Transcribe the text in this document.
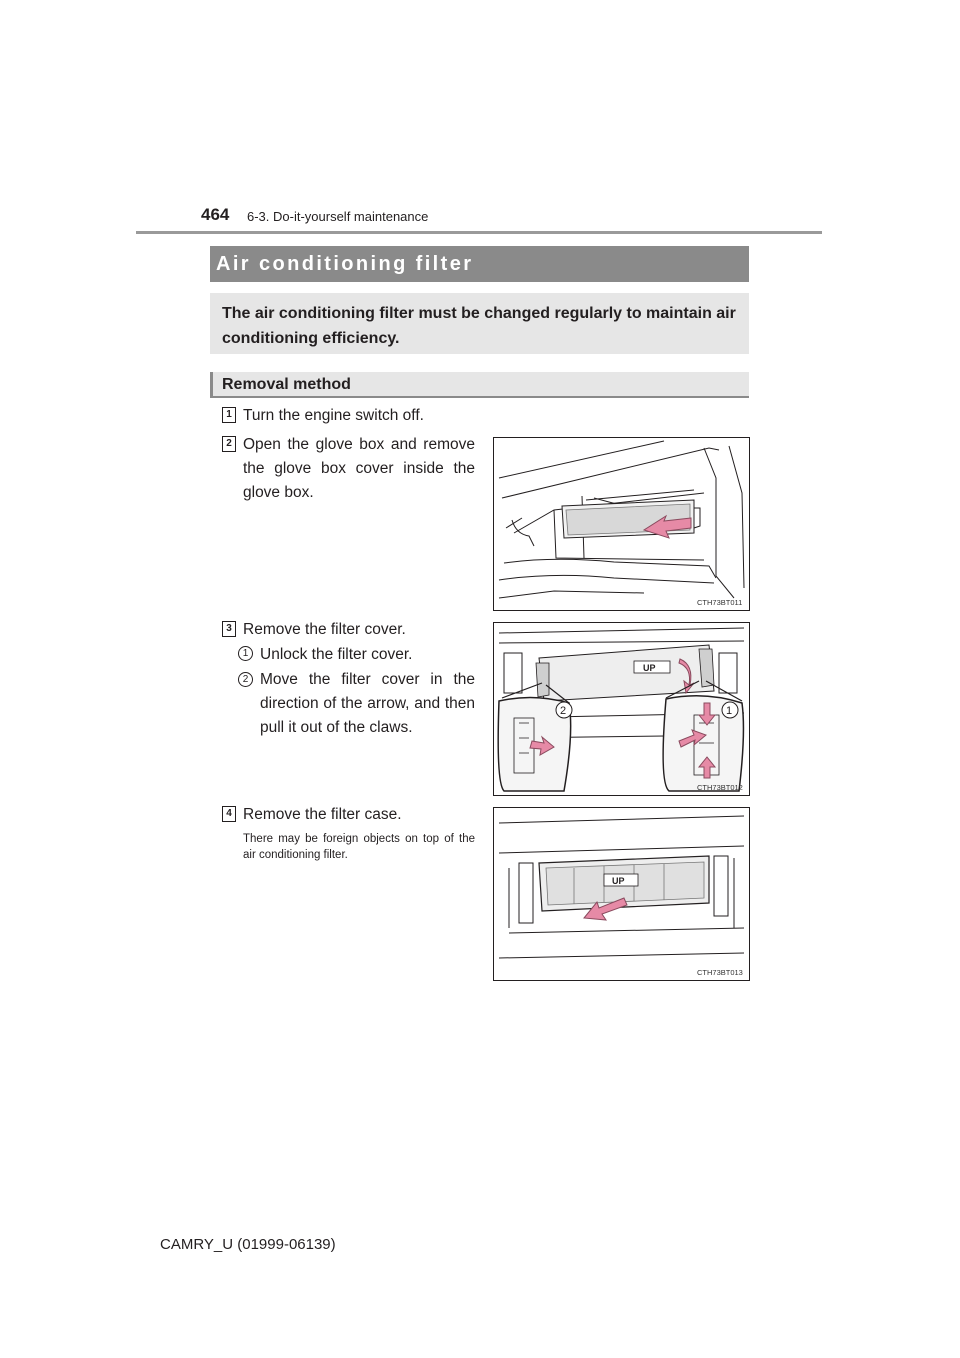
464 6-3. Do-it-yourself maintenance
Air conditioning filter
The air conditioning filter must be changed regularly to maintain air conditioning efficiency.
Removal method
1 Turn the engine switch off.
2 Open the glove box and remove the glove box cover inside the glove box.
CTH73BT011
3 Remove the filter cover.
1 Unlock the filter cover.
2 Move the filter cover in the direction of the arrow, and then pull it out of the claws.
UP
2	1
CTH73BT012
4 Remove the filter case.
There may be foreign objects on top of the air conditioning filter.
UP
CTH73BT013
CAMRY_U (01999-06139)
